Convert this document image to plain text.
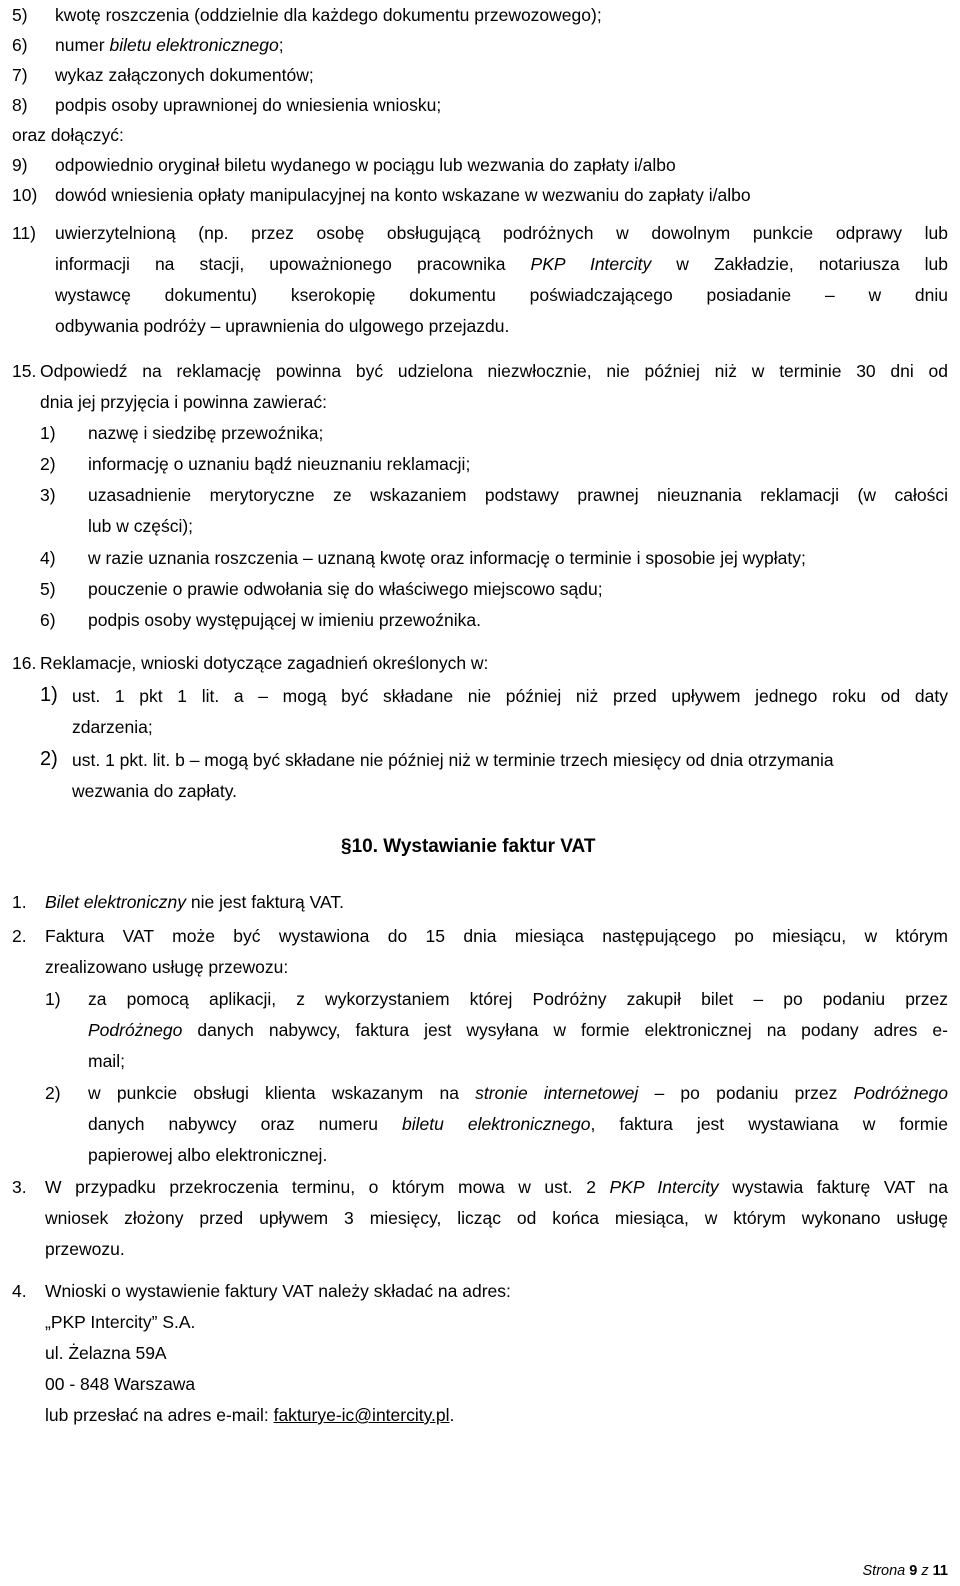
5) kwotę roszczenia (oddzielnie dla każdego dokumentu przewozowego);
6) numer biletu elektronicznego;
7) wykaz załączonych dokumentów;
8) podpis osoby uprawnionej do wniesienia wniosku;
oraz dołączyć:
9) odpowiednio oryginał biletu wydanego w pociągu lub wezwania do zapłaty i/albo
10) dowód wniesienia opłaty manipulacyjnej na konto wskazane w wezwaniu do zapłaty i/albo
11) uwierzytelnioną (np. przez osobę obsługującą podróżnych w dowolnym punkcie odprawy lub
informacji na stacji, upoważnionego pracownika PKP Intercity w Zakładzie, notariusza lub
wystawcę dokumentu) kserokopię dokumentu poświadczającego posiadanie – w dniu
odbywania podróży – uprawnienia do ulgowego przejazdu.
15. Odpowiedź na reklamację powinna być udzielona niezwłocznie, nie później niż w terminie 30 dni od
dnia jej przyjęcia i powinna zawierać:
1) nazwę i siedzibę przewoźnika;
2) informację o uznaniu bądź nieuznaniu reklamacji;
3) uzasadnienie merytoryczne ze wskazaniem podstawy prawnej nieuznania reklamacji (w całości
lub w części);
4) w razie uznania roszczenia – uznaną kwotę oraz informację o terminie i sposobie jej wypłaty;
5) pouczenie o prawie odwołania się do właściwego miejscowo sądu;
6) podpis osoby występującej w imieniu przewoźnika.
16. Reklamacje, wnioski dotyczące zagadnień określonych w:
1) ust. 1 pkt 1 lit. a – mogą być składane nie później niż przed upływem jednego roku od daty
zdarzenia;
2) ust. 1 pkt. lit. b – mogą być składane nie później niż w terminie trzech miesięcy od dnia otrzymania
wezwania do zapłaty.
§10. Wystawianie faktur VAT
1. Bilet elektroniczny nie jest fakturą VAT.
2. Faktura VAT może być wystawiona do 15 dnia miesiąca następującego po miesiącu, w którym
zrealizowano usługę przewozu:
1) za pomocą aplikacji, z wykorzystaniem której Podróżny zakupił bilet – po podaniu przez
Podróżnego danych nabywcy, faktura jest wysyłana w formie elektronicznej na podany adres e-
mail;
2) w punkcie obsługi klienta wskazanym na stronie internetowej – po podaniu przez Podróżnego
danych nabywcy oraz numeru biletu elektronicznego, faktura jest wystawiana w formie
papierowej albo elektronicznej.
3. W przypadku przekroczenia terminu, o którym mowa w ust. 2 PKP Intercity wystawia fakturę VAT na
wniosek złożony przed upływem 3 miesięcy, licząc od końca miesiąca, w którym wykonano usługę
przewozu.
4. Wnioski o wystawienie faktury VAT należy składać na adres:
„PKP Intercity” S.A.
ul. Żelazna 59A
00 - 848 Warszawa
lub przesłać na adres e-mail: fakturye-ic@intercity.pl.
Strona 9 z 11
